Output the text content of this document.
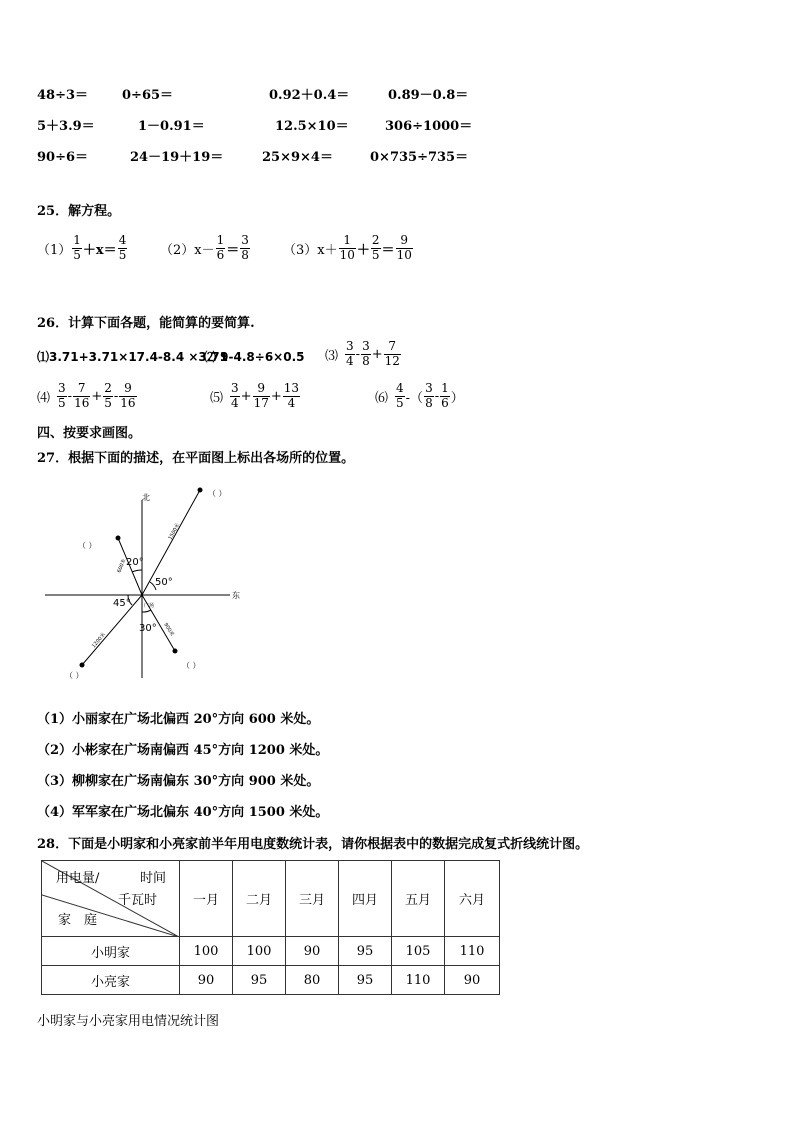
48÷3＝	0÷65＝	0.92＋0.4＝	0.89－0.8＝
5＋3.9＝	1－0.91＝	12.5×10＝	306÷1000＝
90÷6＝	24－19＋19＝	25×9×4＝	0×735÷735＝
25．解方程。
$(1) \frac{1}{5} +x= \frac{4}{5}$	$(2)x- \frac{1}{6} = \frac{3}{8}$	$(3)x+ \frac{1}{10} + \frac{2}{5} = \frac{9}{10}$
26．计算下面各题，能简算的要简算.
⑴3.71+3.71×17.4-8.4 ×3.71
⑵ 9-4.8÷6×0.5 ⑶ $\frac{3}{4} - \frac{3}{8} + \frac{7}{12}$
⑷ $\frac{3}{5} - \frac{7}{16} + \frac{2}{5} - \frac{9}{16}$	⑸ $\frac{3}{4} + \frac{9}{17} + \frac{13}{4}$	⑹ $\frac{4}{5}$ -（ $\frac{3}{8} - \frac{1}{6}$ ）
四、按要求画图。
27．根据下面的描述，在平面图上标出各场所的位置。
北
东
广场
20°
50°
45°
30°
1500米
600米
1200米
900米
（ ）
（ ）
（ ）
（ ）
（1）小丽家在广场北偏西 20°方向 600 米处。
（2）小彬家在广场南偏西 45°方向 1200 米处。
（3）柳柳家在广场南偏东 30°方向 900 米处。
（4）军军家在广场北偏东 40°方向 1500 米处。
28．下面是小明家和小亮家前半年用电度数统计表，请你根据表中的数据完成复式折线统计图。
用电量/ 时间
千瓦时
家　庭	一月	二月	三月	四月	五月	六月
小明家	100	100	90	95	105	110
小亮家	90	95	80	95	110	90
小明家与小亮家用电情况统计图
